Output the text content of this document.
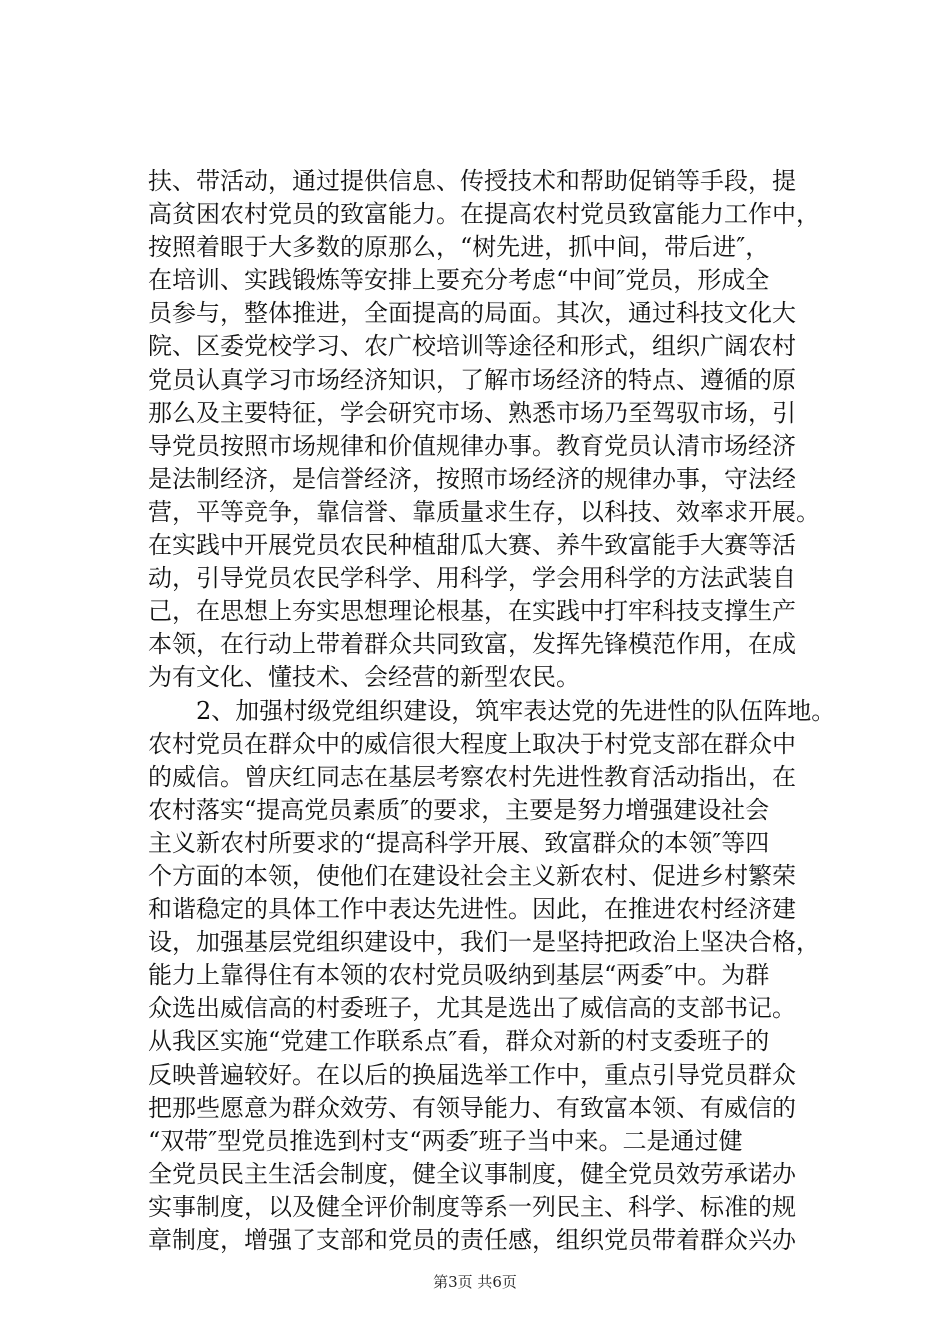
扶、带活动，通过提供信息、传授技术和帮助促销等手段，提
高贫困农村党员的致富能力。在提高农村党员致富能力工作中，
按照着眼于大多数的原那么，“树先进，抓中间，带后进″，
在培训、实践锻炼等安排上要充分考虑“中间″党员，形成全
员参与，整体推进，全面提高的局面。其次，通过科技文化大
院、区委党校学习、农广校培训等途径和形式，组织广阔农村
党员认真学习市场经济知识，了解市场经济的特点、遵循的原
那么及主要特征，学会研究市场、熟悉市场乃至驾驭市场，引
导党员按照市场规律和价值规律办事。教育党员认清市场经济
是法制经济，是信誉经济，按照市场经济的规律办事，守法经
营，平等竞争，靠信誉、靠质量求生存，以科技、效率求开展。
在实践中开展党员农民种植甜瓜大赛、养牛致富能手大赛等活
动，引导党员农民学科学、用科学，学会用科学的方法武装自
己，在思想上夯实思想理论根基，在实践中打牢科技支撑生产
本领，在行动上带着群众共同致富，发挥先锋模范作用，在成
为有文化、懂技术、会经营的新型农民。
　　2、加强村级党组织建设，筑牢表达党的先进性的队伍阵地。
农村党员在群众中的威信很大程度上取决于村党支部在群众中
的威信。曾庆红同志在基层考察农村先进性教育活动指出，在
农村落实“提高党员素质″的要求，主要是努力增强建设社会
主义新农村所要求的“提高科学开展、致富群众的本领″等四
个方面的本领，使他们在建设社会主义新农村、促进乡村繁荣
和谐稳定的具体工作中表达先进性。因此，在推进农村经济建
设，加强基层党组织建设中，我们一是坚持把政治上坚决合格，
能力上靠得住有本领的农村党员吸纳到基层“两委″中。为群
众选出威信高的村委班子，尤其是选出了威信高的支部书记。
从我区实施“党建工作联系点″看，群众对新的村支委班子的
反映普遍较好。在以后的换届选举工作中，重点引导党员群众
把那些愿意为群众效劳、有领导能力、有致富本领、有威信的
“双带″型党员推选到村支“两委″班子当中来。二是通过健
全党员民主生活会制度，健全议事制度，健全党员效劳承诺办
实事制度，以及健全评价制度等系一列民主、科学、标准的规
章制度，增强了支部和党员的责任感，组织党员带着群众兴办
第3页 共6页
